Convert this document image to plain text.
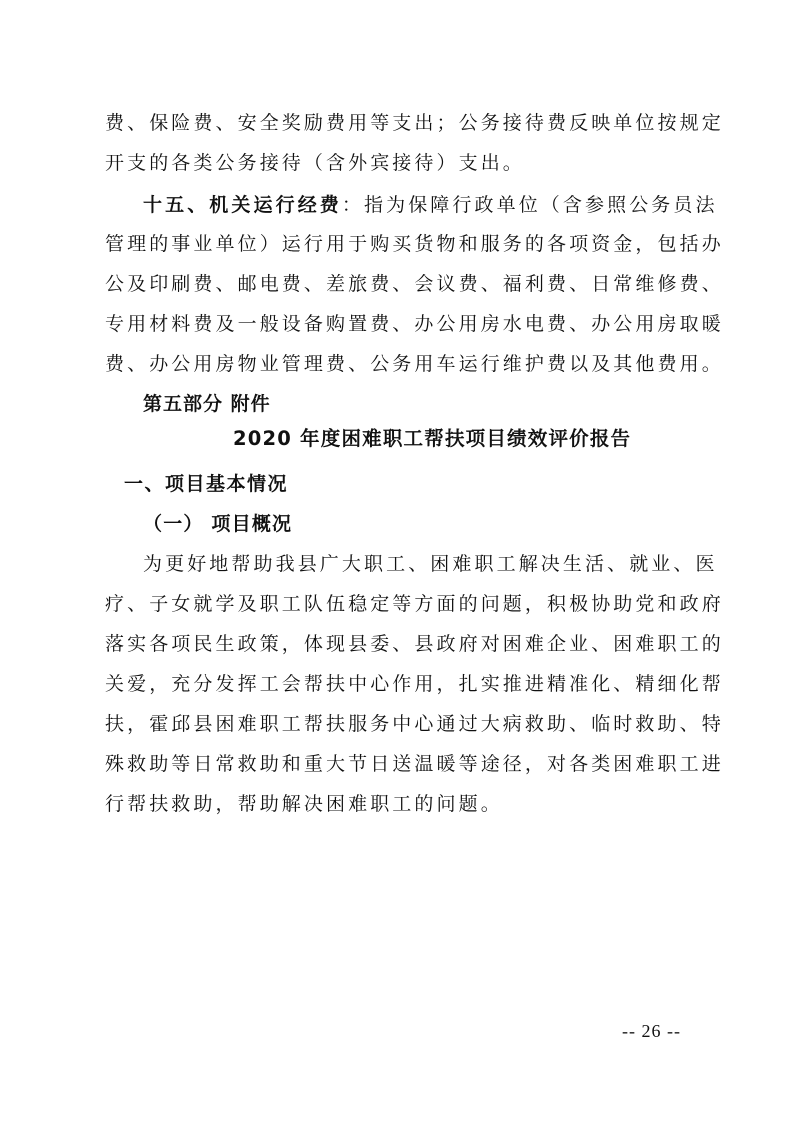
费、保险费、安全奖励费用等支出；公务接待费反映单位按规定
开支的各类公务接待（含外宾接待）支出。
十五、机关运行经费：指为保障行政单位（含参照公务员法
管理的事业单位）运行用于购买货物和服务的各项资金，包括办
公及印刷费、邮电费、差旅费、会议费、福利费、日常维修费、
专用材料费及一般设备购置费、办公用房水电费、办公用房取暖
费、办公用房物业管理费、公务用车运行维护费以及其他费用。
第五部分 附件
2020 年度困难职工帮扶项目绩效评价报告
一、项目基本情况
（一） 项目概况
为更好地帮助我县广大职工、困难职工解决生活、就业、医
疗、子女就学及职工队伍稳定等方面的问题，积极协助党和政府
落实各项民生政策，体现县委、县政府对困难企业、困难职工的
关爱，充分发挥工会帮扶中心作用，扎实推进精准化、精细化帮
扶，霍邱县困难职工帮扶服务中心通过大病救助、临时救助、特
殊救助等日常救助和重大节日送温暖等途径，对各类困难职工进
行帮扶救助，帮助解决困难职工的问题。
-- 26 --
